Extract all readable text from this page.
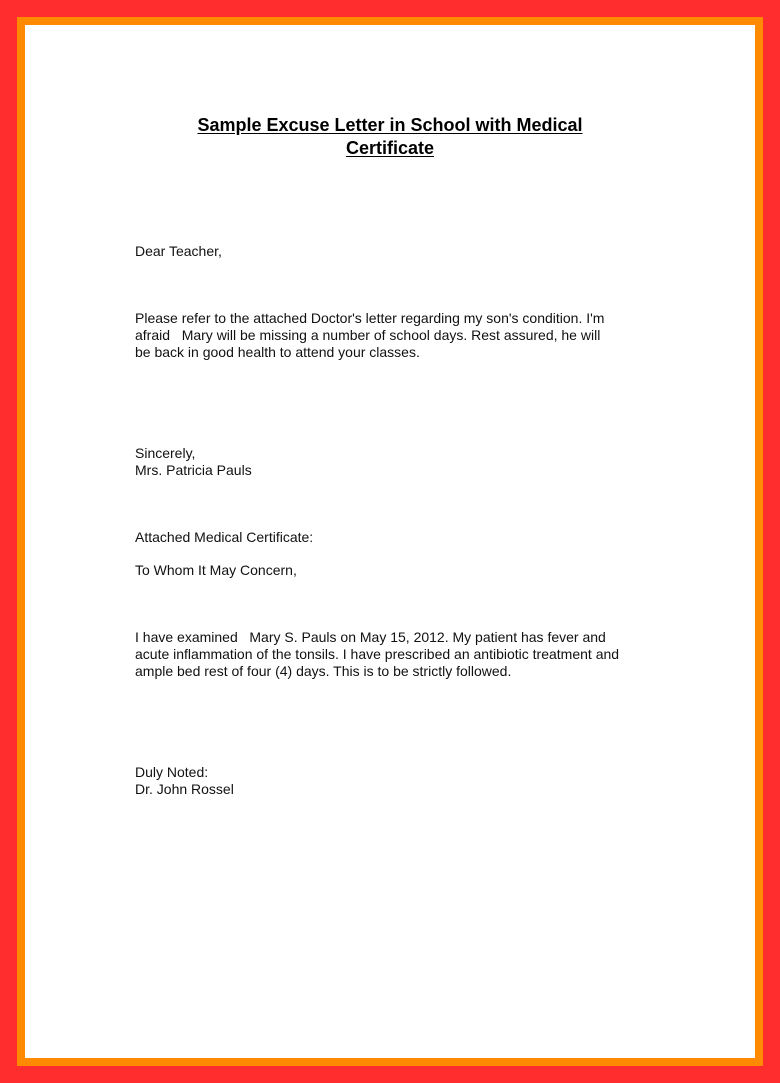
Sample Excuse Letter in School with Medical
Certificate

Dear Teacher,

Please refer to the attached Doctor's letter regarding my son's condition. I'm
afraid   Mary will be missing a number of school days. Rest assured, he will
be back in good health to attend your classes.

Sincerely,
Mrs. Patricia Pauls

Attached Medical Certificate:

To Whom It May Concern,

I have examined   Mary S. Pauls on May 15, 2012. My patient has fever and
acute inflammation of the tonsils. I have prescribed an antibiotic treatment and
ample bed rest of four (4) days. This is to be strictly followed.

Duly Noted:
Dr. John Rossel
